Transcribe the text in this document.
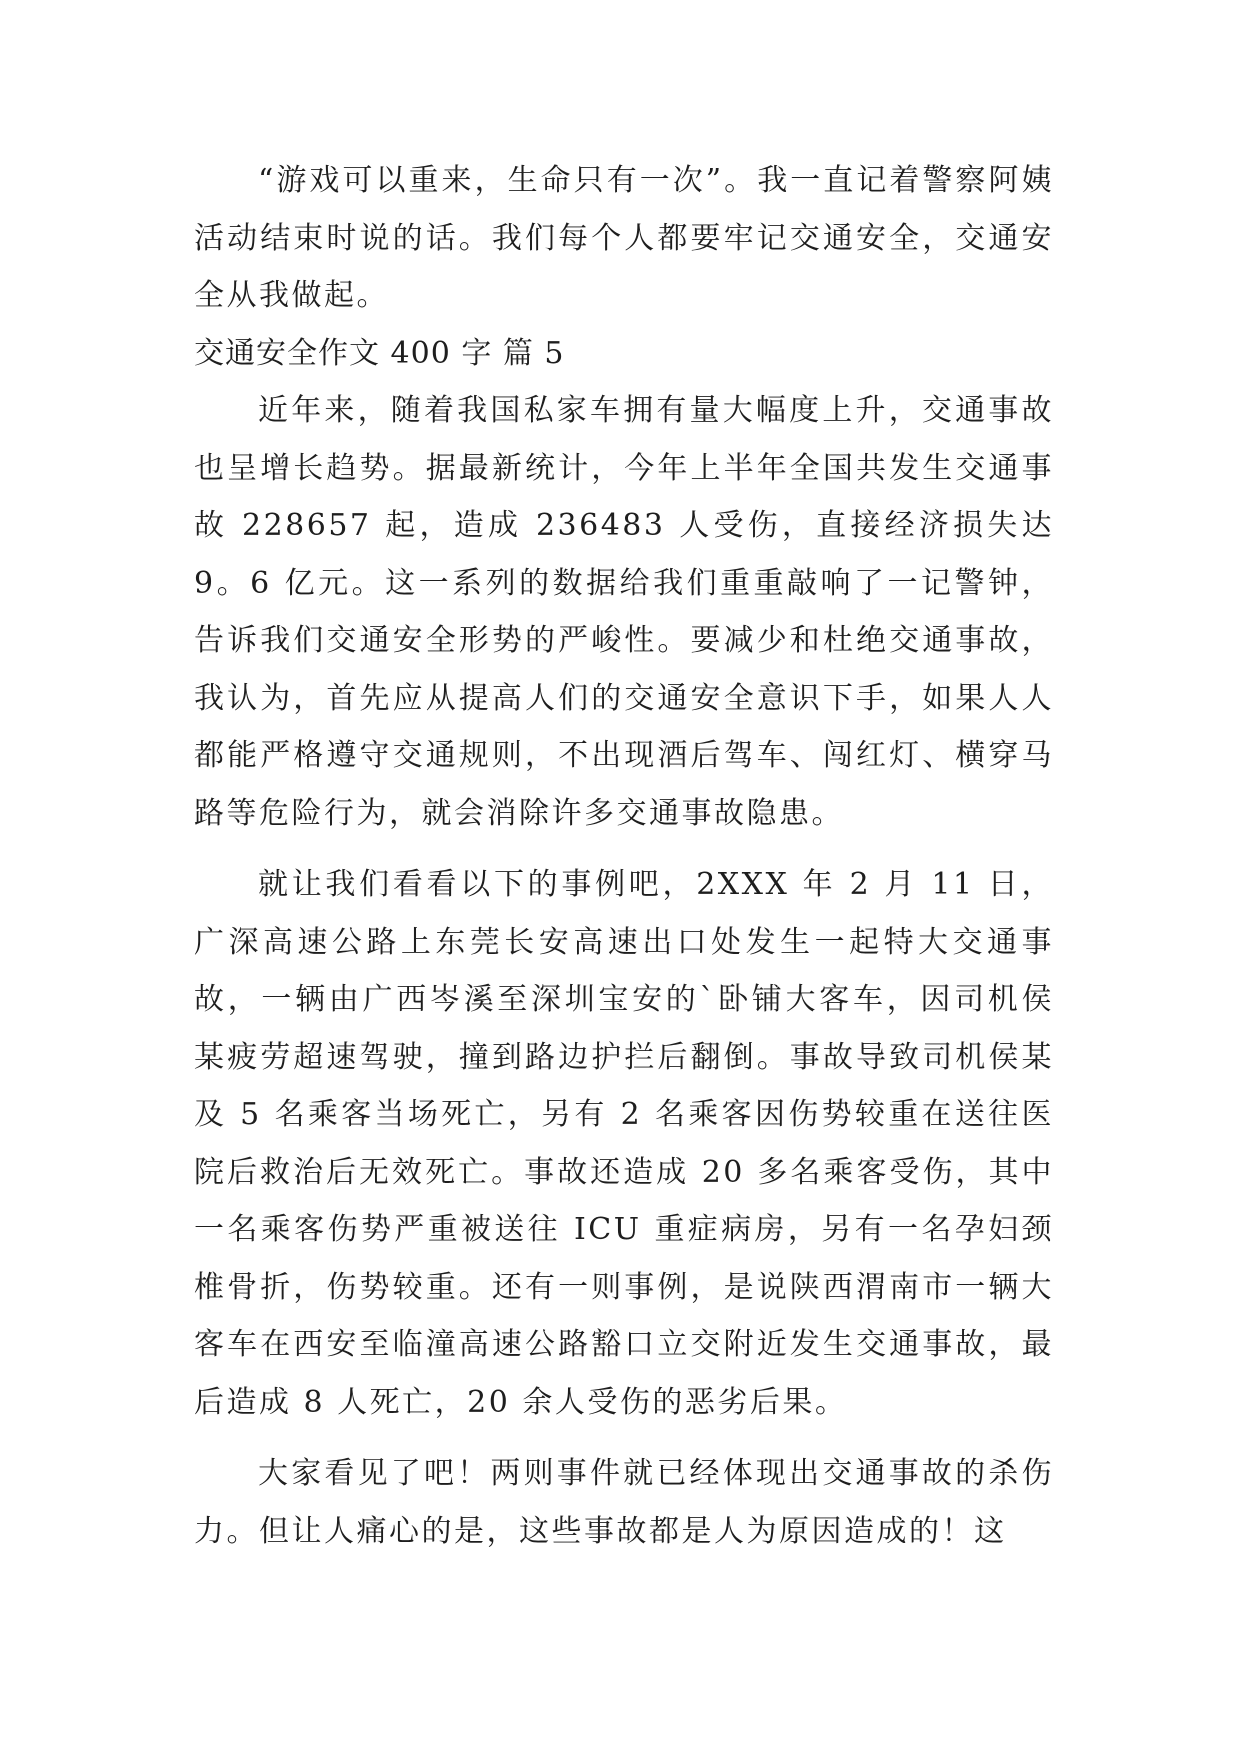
“游戏可以重来，生命只有一次”。我一直记着警察阿姨活动结束时说的话。我们每个人都要牢记交通安全，交通安全从我做起。

交通安全作文 400 字 篇 5

近年来，随着我国私家车拥有量大幅度上升，交通事故也呈增长趋势。据最新统计，今年上半年全国共发生交通事故 228657 起，造成 236483 人受伤，直接经济损失达 9。6 亿元。这一系列的数据给我们重重敲响了一记警钟，告诉我们交通安全形势的严峻性。要减少和杜绝交通事故，我认为，首先应从提高人们的交通安全意识下手，如果人人都能严格遵守交通规则，不出现酒后驾车、闯红灯、横穿马路等危险行为，就会消除许多交通事故隐患。

就让我们看看以下的事例吧，2XXX 年 2 月 11 日，广深高速公路上东莞长安高速出口处发生一起特大交通事故，一辆由广西岑溪至深圳宝安的`卧铺大客车，因司机侯某疲劳超速驾驶，撞到路边护拦后翻倒。事故导致司机侯某及 5 名乘客当场死亡，另有 2 名乘客因伤势较重在送往医院后救治后无效死亡。事故还造成 20 多名乘客受伤，其中一名乘客伤势严重被送往 ICU 重症病房，另有一名孕妇颈椎骨折，伤势较重。还有一则事例，是说陕西渭南市一辆大客车在西安至临潼高速公路豁口立交附近发生交通事故，最后造成 8 人死亡，20 余人受伤的恶劣后果。

大家看见了吧！两则事件就已经体现出交通事故的杀伤力。但让人痛心的是，这些事故都是人为原因造成的！这
